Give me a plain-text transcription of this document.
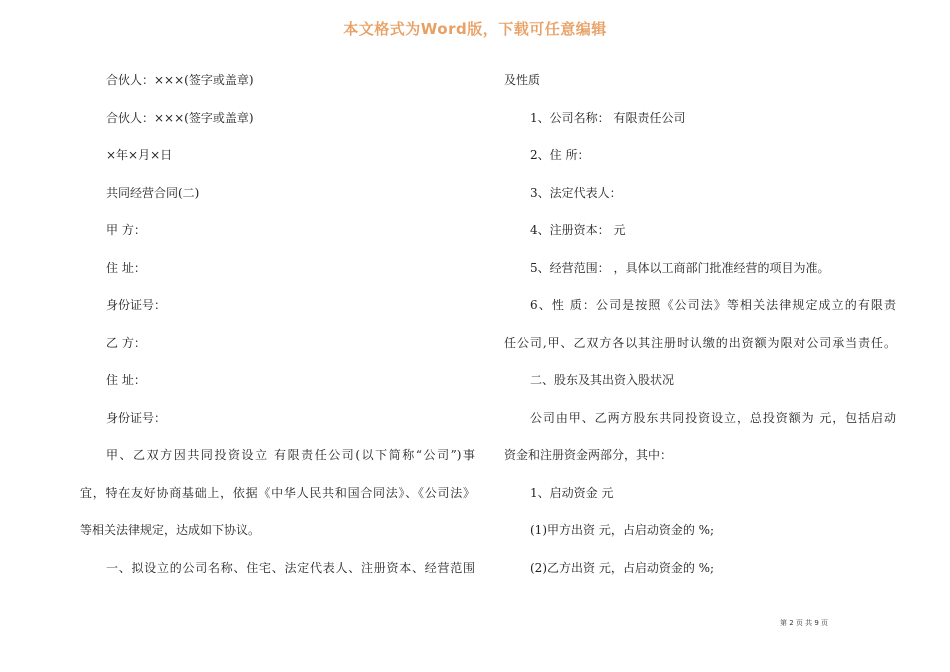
本文格式为Word版，下载可任意编辑
合伙人：×××(签字或盖章)
合伙人：×××(签字或盖章)
×年×月×日
共同经营合同(二)
甲 方：
住 址：
身份证号：
乙 方：
住 址：
身份证号：
甲、乙双方因共同投资设立 有限责任公司(以下简称“公司”)事
宜，特在友好协商基础上，依据《中华人民共和国合同法》、《公司法》
等相关法律规定，达成如下协议。
一、拟设立的公司名称、住宅、法定代表人、注册资本、经营范围
及性质
1、公司名称： 有限责任公司
2、住 所：
3、法定代表人：
4、注册资本： 元
5、经营范围： ，具体以工商部门批准经营的项目为准。
6、性 质：公司是按照《公司法》等相关法律规定成立的有限责
任公司,甲、乙双方各以其注册时认缴的出资额为限对公司承当责任。
二、股东及其出资入股状况
公司由甲、乙两方股东共同投资设立，总投资额为 元，包括启动
资金和注册资金两部分，其中：
1、启动资金 元
(1)甲方出资 元，占启动资金的 %;
(2)乙方出资 元，占启动资金的 %;
第 2 页 共 9 页
